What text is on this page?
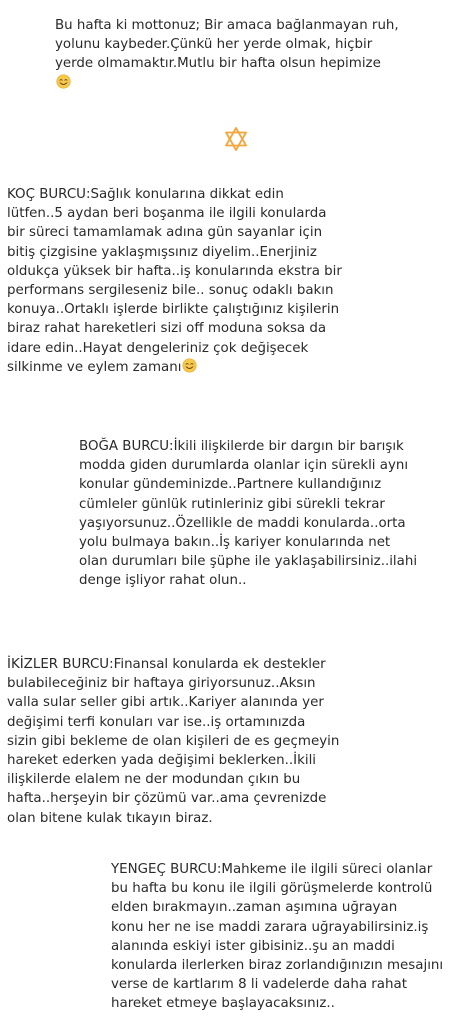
Bu hafta ki mottonuz; Bir amaca bağlanmayan ruh,
yolunu kaybeder.Çünkü her yerde olmak, hiçbir
yerde olmamaktır.Mutlu bir hafta olsun hepimize
KOÇ BURCU:Sağlık konularına dikkat edin
lütfen..5 aydan beri boşanma ile ilgili konularda
bir süreci tamamlamak adına gün sayanlar için
bitiş çizgisine yaklaşmışsınız diyelim..Enerjiniz
oldukça yüksek bir hafta..iş konularında ekstra bir
performans sergileseniz bile.. sonuç odaklı bakın
konuya..Ortaklı işlerde birlikte çalıştığınız kişilerin
biraz rahat hareketleri sizi off moduna soksa da
idare edin..Hayat dengeleriniz çok değişecek
silkinme ve eylem zamanı
BOĞA BURCU:İkili ilişkilerde bir dargın bir barışık
modda giden durumlarda olanlar için sürekli aynı
konular gündeminizde..Partnere kullandığınız
cümleler günlük rutinleriniz gibi sürekli tekrar
yaşıyorsunuz..Özellikle de maddi konularda..orta
yolu bulmaya bakın..İş kariyer konularında net
olan durumları bile şüphe ile yaklaşabilirsiniz..ilahi
denge işliyor rahat olun..
İKİZLER BURCU:Finansal konularda ek destekler
bulabileceğiniz bir haftaya giriyorsunuz..Aksın
valla sular seller gibi artık..Kariyer alanında yer
değişimi terfi konuları var ise..iş ortamınızda
sizin gibi bekleme de olan kişileri de es geçmeyin
hareket ederken yada değişimi beklerken..İkili
ilişkilerde elalem ne der modundan çıkın bu
hafta..herşeyin bir çözümü var..ama çevrenizde
olan bitene kulak tıkayın biraz.
YENGEÇ BURCU:Mahkeme ile ilgili süreci olanlar
bu hafta bu konu ile ilgili görüşmelerde kontrolü
elden bırakmayın..zaman aşımına uğrayan
konu her ne ise maddi zarara uğrayabilirsiniz.iş
alanında eskiyi ister gibisiniz..şu an maddi
konularda ilerlerken biraz zorlandığınızın mesajını
verse de kartlarım 8 li vadelerde daha rahat
hareket etmeye başlayacaksınız..
